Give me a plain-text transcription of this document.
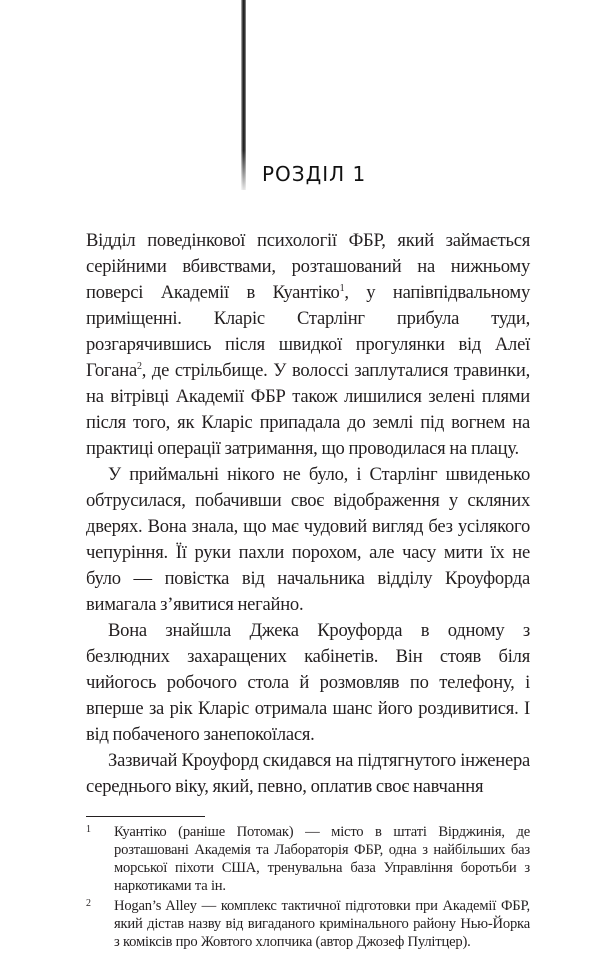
РОЗДІЛ 1

Відділ поведінкової психології ФБР, який займається серійними вбивствами, розташований на нижньому поверсі Академії в Куантіко$^1$, у напівпідвальному приміщенні. Кларіс Старлінг прибула туди, розгарячившись після швидкої прогулянки від Алеї Гогана$^2$, де стрільбище. У волоссі заплуталися травинки, на вітрівці Академії ФБР також лишилися зелені плями після того, як Кларіс припадала до землі під вогнем на практиці операції затримання, що проводилася на плацу.

У приймальні нікого не було, і Старлінг швиденько обтрусилася, побачивши своє відображення у скляних дверях. Вона знала, що має чудовий вигляд без усілякого чепуріння. Її руки пахли порохом, але часу мити їх не було — повістка від начальника відділу Кроуфорда вимагала з’явитися негайно.

Вона знайшла Джека Кроуфорда в одному з безлюдних захаращених кабінетів. Він стояв біля чийогось робочого стола й розмовляв по телефону, і вперше за рік Кларіс отримала шанс його роздивитися. І від побаченого занепокоїлася.

Зазвичай Кроуфорд скидався на підтягнутого інженера середнього віку, який, певно, оплатив своє навчання

1 Куантіко (раніше Потомак) — місто в штаті Вірджинія, де розташовані Академія та Лабораторія ФБР, одна з найбільших баз морської піхоти США, тренувальна база Управління боротьби з наркотиками та ін.
2 Hogan’s Alley — комплекс тактичної підготовки при Академії ФБР, який дістав назву від вигаданого кримінального району Нью-Йорка з коміксів про Жовтого хлопчика (автор Джозеф Пулітцер).
